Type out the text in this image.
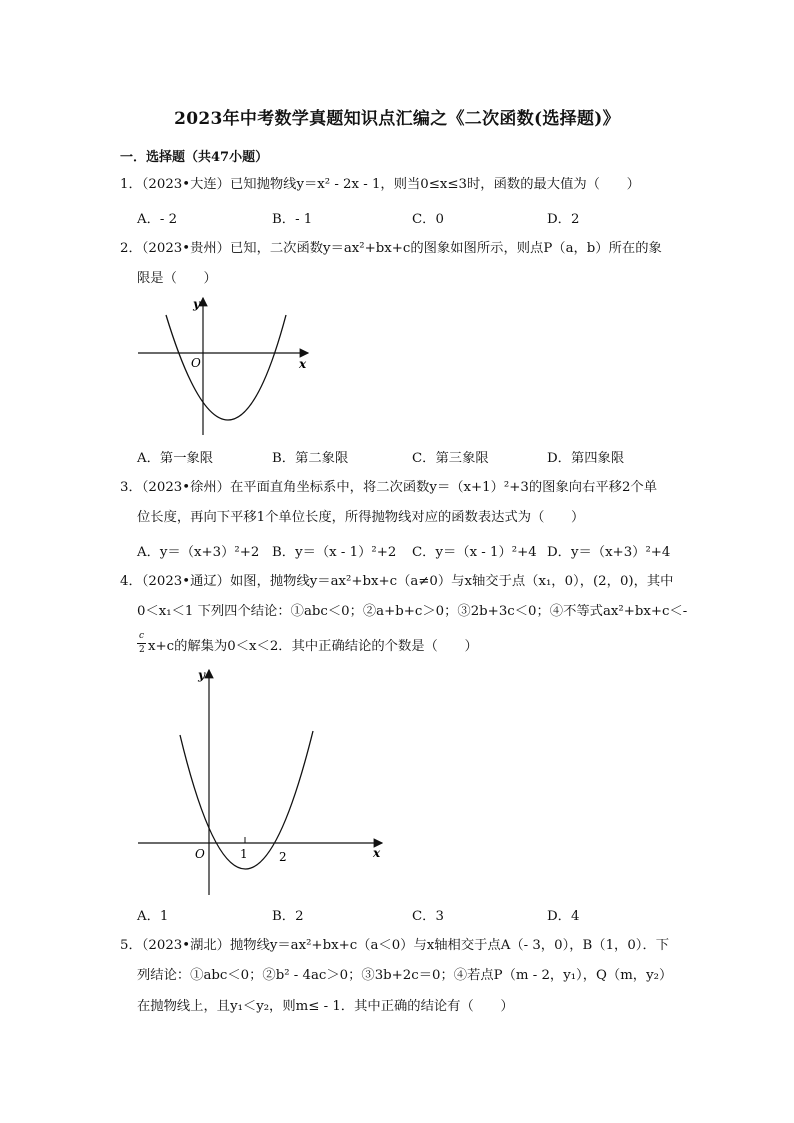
2023年中考数学真题知识点汇编之《二次函数(选择题)》
一．选择题（共47小题）
1．（2023•大连）已知抛物线y＝x² - 2x - 1，则当0≤x≤3时，函数的最大值为（　　）
A．- 2	B．- 1	C．0	D．2
2．（2023•贵州）已知，二次函数y＝ax²+bx+c的图象如图所示，则点P（a，b）所在的象
限是（　　）
y
x
O
A．第一象限	B．第二象限	C．第三象限	D．第四象限
3．（2023•徐州）在平面直角坐标系中，将二次函数y＝（x+1）²+3的图象向右平移2个单
位长度，再向下平移1个单位长度，所得抛物线对应的函数表达式为（　　）
A．y＝（x+3）²+2 B．y＝（x - 1）²+2 C．y＝（x - 1）²+4 D．y＝（x+3）²+4
4．（2023•通辽）如图，抛物线y＝ax²+bx+c（a≠0）与x轴交于点（x₁，0），(2，0)，其中
0＜x₁＜1 下列四个结论：①abc＜0；②a+b+c＞0；③2b+3c＜0；④不等式ax²+bx+c＜-
c
2 x+c的解集为0＜x＜2．其中正确结论的个数是（　　）
y
x
O	1	2
A．1	B．2	C．3	D．4
5．（2023•湖北）抛物线y＝ax²+bx+c（a＜0）与x轴相交于点A（- 3，0），B（1，0）．下
列结论：①abc＜0；②b² - 4ac＞0；③3b+2c＝0；④若点P（m - 2，y₁），Q（m，y₂）
在抛物线上，且y₁＜y₂，则m≤ - 1．其中正确的结论有（　　）
